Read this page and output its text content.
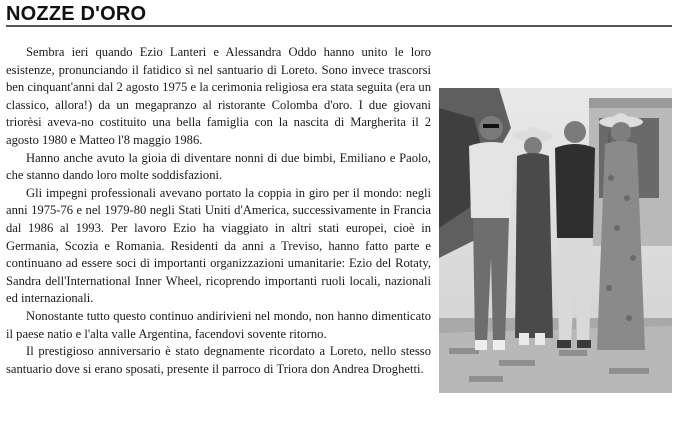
NOZZE D'ORO

Sembra ieri quando Ezio Lanteri e Alessandra Oddo hanno unito le loro esistenze, pronunciando il fatidico sì nel santuario di Loreto. Sono invece trascorsi ben cinquant'anni dal 2 agosto 1975 e la cerimonia religiosa era stata seguita (era un classico, allora!) da un megapranzo al ristorante Colomba d'oro. I due giovani triorèsi aveva-no costituito una bella famiglia con la nascita di Margherita il 2 agosto 1980 e Matteo l'8 maggio 1986.

Hanno anche avuto la gioia di diventare nonni di due bimbi, Emiliano e Paolo, che stanno dando loro molte soddisfazioni.

Gli impegni professionali avevano portato la coppia in giro per il mondo: negli anni 1975-76 e nel 1979-80 negli Stati Uniti d'America, successivamente in Francia dal 1986 al 1993. Per lavoro Ezio ha viaggiato in altri stati europei, cioè in Germania, Scozia e Romania. Residenti da anni a Treviso, hanno fatto parte e continuano ad essere soci di importanti organizzazioni umanitarie: Ezio del Rotaty, Sandra dell'International Inner Wheel, ricoprendo importanti ruoli locali, nazionali ed internazionali.

Nonostante tutto questo continuo andirivieni nel mondo, non hanno dimenticato il paese natio e l'alta valle Argentina, facendovi sovente ritorno.

Il prestigioso anniversario è stato degnamente ricordato a Loreto, nello stesso santuario dove si erano sposati, presente il parroco di Triora don Andrea Droghetti.
